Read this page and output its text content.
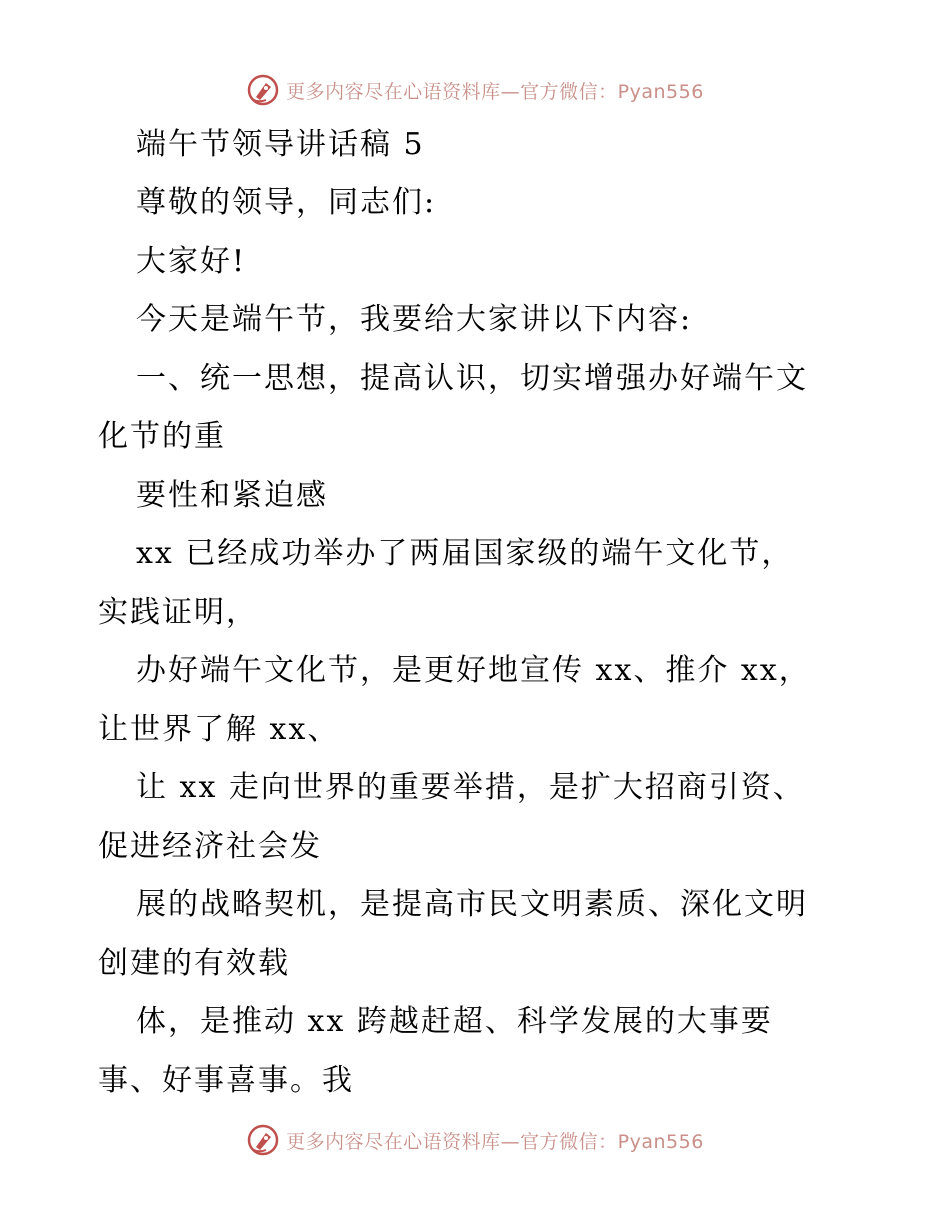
更多内容尽在心语资料库—官方微信：Pyan556
端午节领导讲话稿 5
尊敬的领导，同志们:
大家好!
今天是端午节，我要给大家讲以下内容:
一、统一思想，提高认识，切实增强办好端午文
化节的重
要性和紧迫感
xx 已经成功举办了两届国家级的端午文化节，
实践证明，
办好端午文化节，是更好地宣传 xx、推介 xx，
让世界了解 xx、
让 xx 走向世界的重要举措，是扩大招商引资、
促进经济社会发
展的战略契机，是提高市民文明素质、深化文明
创建的有效载
体，是推动 xx 跨越赶超、科学发展的大事要
事、好事喜事。我
更多内容尽在心语资料库—官方微信：Pyan556
